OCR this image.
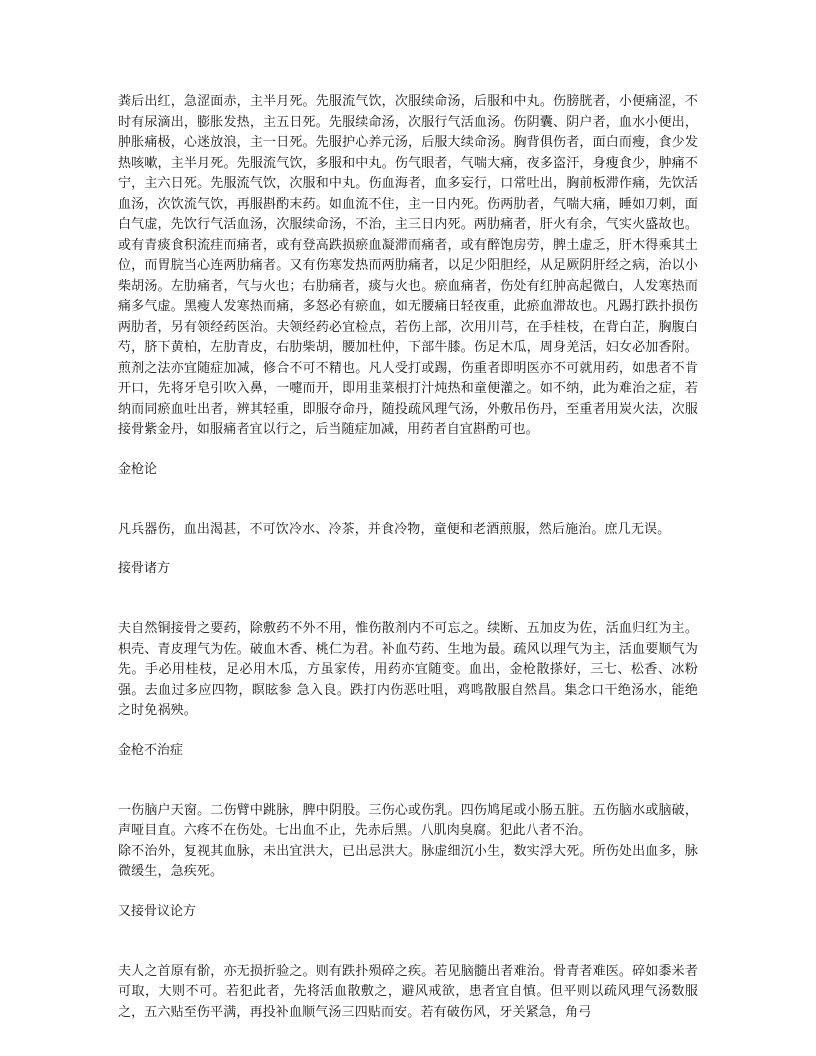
粪后出红，急涩面赤，主半月死。先服流气饮，次服续命汤，后服和中丸。伤膀胱者，小便痛涩，不时有尿滴出，膨胀发热，主五日死。先服续命汤，次服行气活血汤。伤阴囊、阴户者，血水小便出，肿胀痛极，心迷放浪，主一日死。先服护心养元汤，后服大续命汤。胸背俱伤者，面白而瘦，食少发热咳嗽，主半月死。先服流气饮，多服和中丸。伤气眼者，气喘大痛，夜多盗汗，身瘦食少，肿痛不宁，主六日死。先服流气饮，次服和中丸。伤血海者，血多妄行，口常吐出，胸前板滞作痛，先饮活血汤，次饮流气饮，再服斟酌末药。如血流不住，主一日内死。伤两肋者，气喘大痛，睡如刀刺，面白气虚，先饮行气活血汤，次服续命汤，不治，主三日内死。两肋痛者，肝火有余，气实火盛故也。或有青痰食积流疰而痛者，或有登高跌损瘀血凝滞而痛者，或有醉饱房劳，脾土虚乏，肝木得乘其土位，而胃脘当心连两肋痛者。又有伤寒发热而两肋痛者，以足少阳胆经，从足厥阴肝经之病，治以小柴胡汤。左肋痛者，气与火也；右肋痛者，痰与火也。瘀血痛者，伤处有红肿高起微白，人发寒热而痛多气虚。黑瘦人发寒热而痛，多怒必有瘀血，如无腰痛日轻夜重，此瘀血滞故也。凡踢打跌扑损伤两肋者，另有领经药医治。夫领经药必宜检点，若伤上部，次用川芎，在手桂枝，在背白芷，胸腹白芍，脐下黄柏，左肋青皮，右肋柴胡，腰加杜仲，下部牛膝。伤足木瓜，周身羌活，妇女必加香附。煎剂之法亦宜随症加减，修合不可不精也。凡人受打或踢，伤重者即明医亦不可就用药，如患者不肯开口，先将牙皂引吹入鼻，一嚏而开，即用韭菜根打汁炖热和童便灌之。如不纳，此为难治之症，若纳而同瘀血吐出者，辨其轻重，即服夺命丹，随投疏风理气汤，外敷吊伤丹，至重者用炭火法，次服接骨紫金丹，如服痛者宜以行之，后当随症加减，用药者自宜斟酌可也。

金枪论

凡兵器伤，血出渴甚，不可饮冷水、冷茶，并食冷物，童便和老酒煎服，然后施治。庶几无误。

接骨诸方

夫自然铜接骨之要药，除敷药不外不用，惟伤散剂内不可忘之。续断、五加皮为佐，活血归红为主。枳壳、青皮理气为佐。破血木香、桃仁为君。补血芍药、生地为最。疏风以理气为主，活血要顺气为先。手必用桂枝，足必用木瓜，方虽家传，用药亦宜随变。血出，金枪散搽好，三七、松香、冰粉强。去血过多应四物，瞑眩参 急入良。跌打内伤恶吐咀，鸡鸣散服自然昌。集念口干绝汤水，能绝之时免祸殃。

金枪不治症

一伤脑户天窗。二伤臂中跳脉，脾中阴股。三伤心或伤乳。四伤鸠尾或小肠五脏。五伤脑水或脑破，声哑目直。六疼不在伤处。七出血不止，先赤后黑。八肌肉臭腐。犯此八者不治。

除不治外，复视其血脉，未出宜洪大，已出忌洪大。脉虚细沉小生，数实浮大死。所伤处出血多，脉微缓生，急疾死。

又接骨议论方

夫人之首原有骱，亦无损折验之。则有跌扑殒碎之疾。若见脑髓出者难治。骨青者难医。碎如黍米者可取，大则不可。若犯此者，先将活血散敷之，避风戒欲，患者宜自慎。但平则以疏风理气汤数服之，五六贴至伤平满，再投补血顺气汤三四贴而安。若有破伤风，牙关紧急，角弓
